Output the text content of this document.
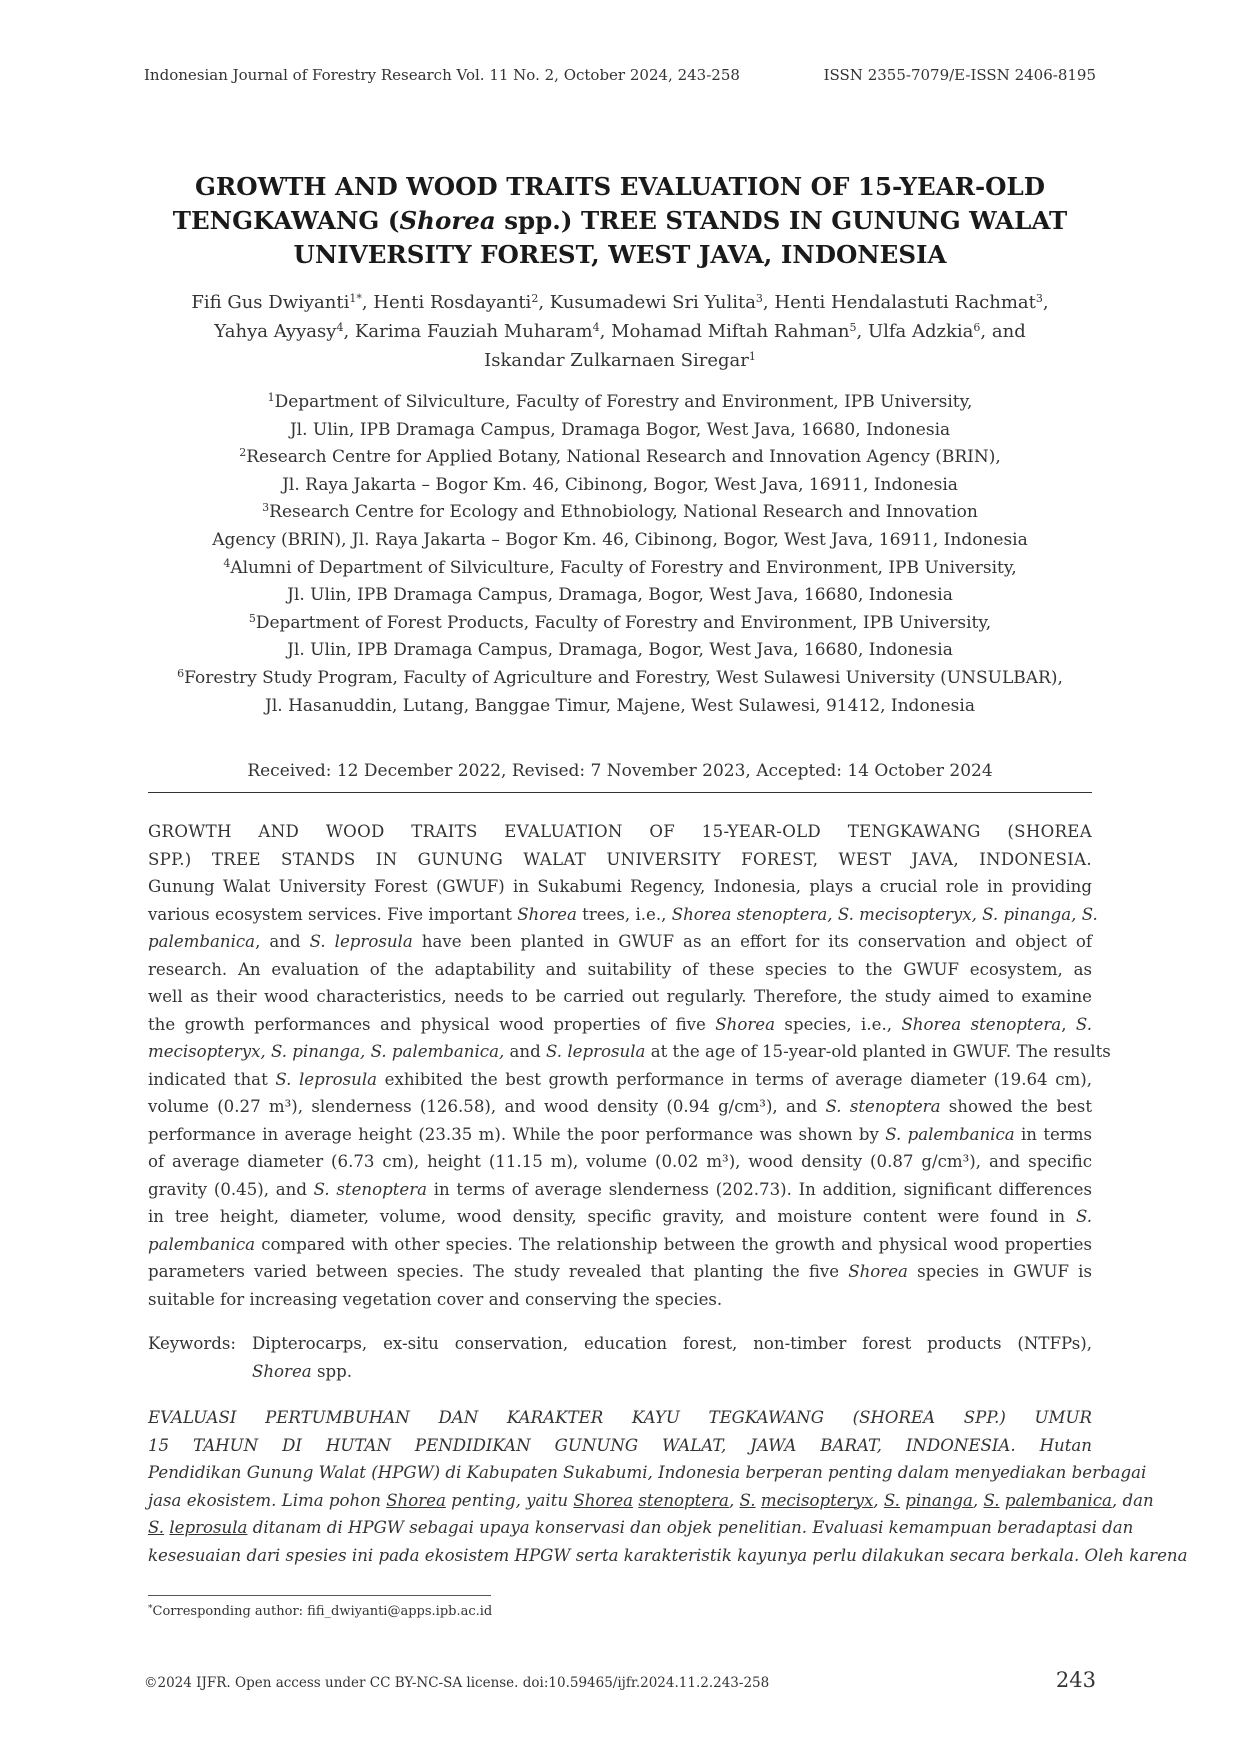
Indonesian Journal of Forestry Research Vol. 11 No. 2, October 2024, 243-258	ISSN 2355-7079/E-ISSN 2406-8195
GROWTH AND WOOD TRAITS EVALUATION OF 15-YEAR-OLD
TENGKAWANG (Shorea spp.) TREE STANDS IN GUNUNG WALAT
UNIVERSITY FOREST, WEST JAVA, INDONESIA
Fifi Gus Dwiyanti$^{1*}$, Henti Rosdayanti$^2$, Kusumadewi Sri Yulita$^3$, Henti Hendalastuti Rachmat$^3$,
Yahya Ayyasy$^4$, Karima Fauziah Muharam$^4$, Mohamad Miftah Rahman$^5$, Ulfa Adzkia$^6$, and
Iskandar Zulkarnaen Siregar$^1$
$^1$Department of Silviculture, Faculty of Forestry and Environment, IPB University,
Jl. Ulin, IPB Dramaga Campus, Dramaga Bogor, West Java, 16680, Indonesia
$^2$Research Centre for Applied Botany, National Research and Innovation Agency (BRIN),
Jl. Raya Jakarta – Bogor Km. 46, Cibinong, Bogor, West Java, 16911, Indonesia
$^3$Research Centre for Ecology and Ethnobiology, National Research and Innovation
Agency (BRIN), Jl. Raya Jakarta – Bogor Km. 46, Cibinong, Bogor, West Java, 16911, Indonesia
$^4$Alumni of Department of Silviculture, Faculty of Forestry and Environment, IPB University,
Jl. Ulin, IPB Dramaga Campus, Dramaga, Bogor, West Java, 16680, Indonesia
$^5$Department of Forest Products, Faculty of Forestry and Environment, IPB University,
Jl. Ulin, IPB Dramaga Campus, Dramaga, Bogor, West Java, 16680, Indonesia
$^6$Forestry Study Program, Faculty of Agriculture and Forestry, West Sulawesi University (UNSULBAR),
Jl. Hasanuddin, Lutang, Banggae Timur, Majene, West Sulawesi, 91412, Indonesia
Received: 12 December 2022, Revised: 7 November 2023, Accepted: 14 October 2024
GROWTH AND WOOD TRAITS EVALUATION OF 15-YEAR-OLD TENGKAWANG (SHOREA
SPP.) TREE STANDS IN GUNUNG WALAT UNIVERSITY FOREST, WEST JAVA, INDONESIA.
Gunung Walat University Forest (GWUF) in Sukabumi Regency, Indonesia, plays a crucial role in providing
various ecosystem services. Five important Shorea trees, i.e., Shorea stenoptera, S. mecisopteryx, S. pinanga, S.
palembanica, and S. leprosula have been planted in GWUF as an effort for its conservation and object of
research. An evaluation of the adaptability and suitability of these species to the GWUF ecosystem, as
well as their wood characteristics, needs to be carried out regularly. Therefore, the study aimed to examine
the growth performances and physical wood properties of five Shorea species, i.e., Shorea stenoptera, S.
mecisopteryx, S. pinanga, S. palembanica, and S. leprosula at the age of 15-year-old planted in GWUF. The results
indicated that S. leprosula exhibited the best growth performance in terms of average diameter (19.64 cm),
volume (0.27 m³), slenderness (126.58), and wood density (0.94 g/cm³), and S. stenoptera showed the best
performance in average height (23.35 m). While the poor performance was shown by S. palembanica in terms
of average diameter (6.73 cm), height (11.15 m), volume (0.02 m³), wood density (0.87 g/cm³), and specific
gravity (0.45), and S. stenoptera in terms of average slenderness (202.73). In addition, significant differences
in tree height, diameter, volume, wood density, specific gravity, and moisture content were found in S.
palembanica compared with other species. The relationship between the growth and physical wood properties
parameters varied between species. The study revealed that planting the five Shorea species in GWUF is
suitable for increasing vegetation cover and conserving the species.
Keywords: Dipterocarps, ex-situ conservation, education forest, non-timber forest products (NTFPs),
Shorea spp.
EVALUASI PERTUMBUHAN DAN KARAKTER KAYU TEGKAWANG (SHOREA SPP.) UMUR
15 TAHUN DI HUTAN PENDIDIKAN GUNUNG WALAT, JAWA BARAT, INDONESIA. Hutan
Pendidikan Gunung Walat (HPGW) di Kabupaten Sukabumi, Indonesia berperan penting dalam menyediakan berbagai
jasa ekosistem. Lima pohon Shorea penting, yaitu Shorea stenoptera, S. mecisopteryx, S. pinanga, S. palembanica, dan
S. leprosula ditanam di HPGW sebagai upaya konservasi dan objek penelitian. Evaluasi kemampuan beradaptasi dan
kesesuaian dari spesies ini pada ekosistem HPGW serta karakteristik kayunya perlu dilakukan secara berkala. Oleh karena
*Corresponding author: fifi_dwiyanti@apps.ipb.ac.id
©2024 IJFR. Open access under CC BY-NC-SA license. doi:10.59465/ijfr.2024.11.2.243-258	243
